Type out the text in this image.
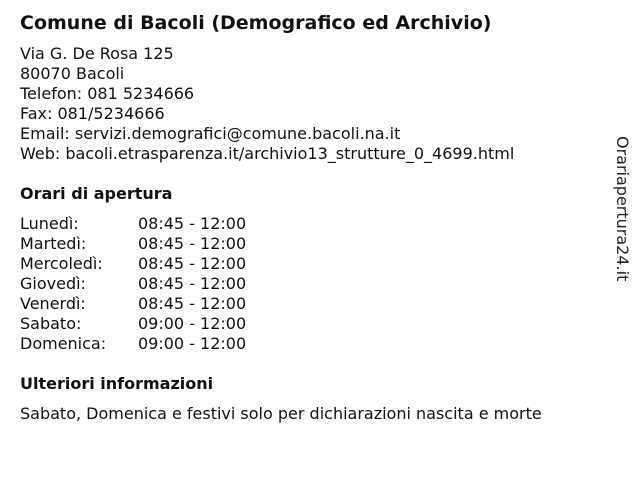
Comune di Bacoli (Demografico ed Archivio)
Via G. De Rosa 125
80070 Bacoli
Telefon: 081 5234666
Fax: 081/5234666
Email: servizi.demografici@comune.bacoli.na.it
Web: bacoli.etrasparenza.it/archivio13_strutture_0_4699.html
Orari di apertura
Lunedì:	08:45 - 12:00
Martedì:	08:45 - 12:00
Mercoledì:	08:45 - 12:00
Giovedì:	08:45 - 12:00
Venerdì:	08:45 - 12:00
Sabato:	09:00 - 12:00
Domenica:	09:00 - 12:00
Ulteriori informazioni
Sabato, Domenica e festivi solo per dichiarazioni nascita e morte
Orariapertura24.it
